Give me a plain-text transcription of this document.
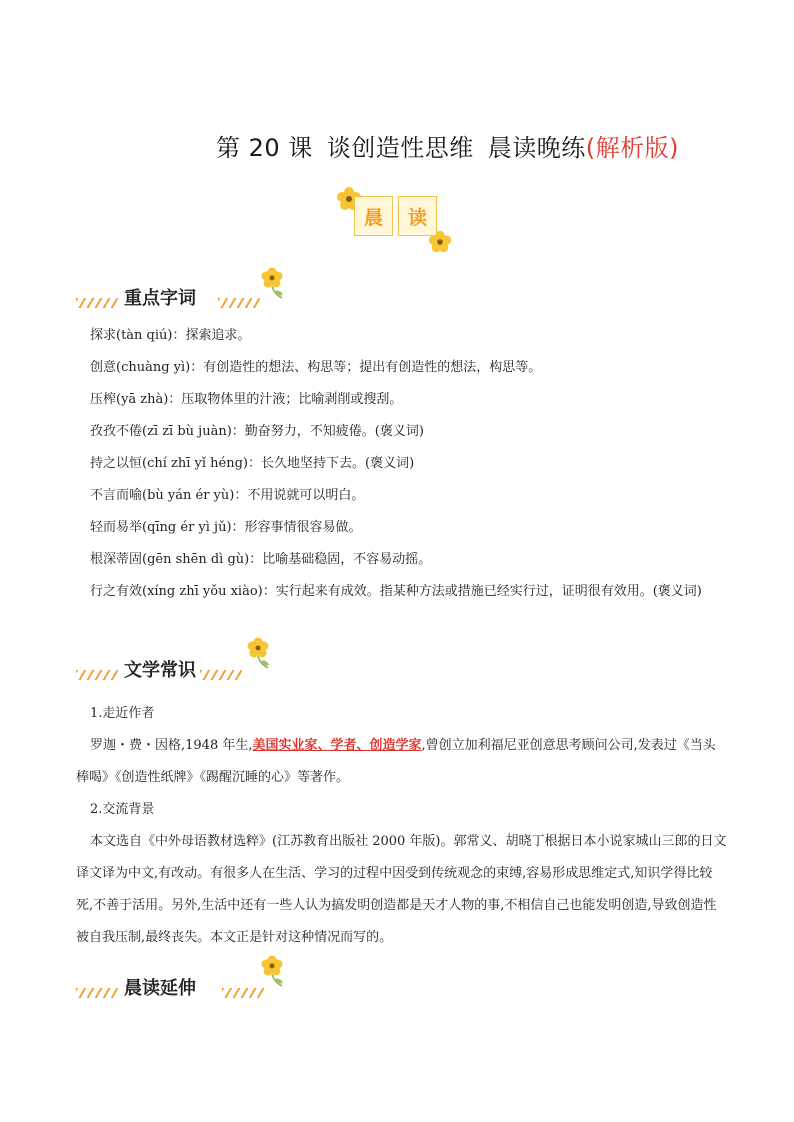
第 20 课 谈创造性思维 晨读晚练(解析版)
晨	读
重点字词

探求(tàn qiú)：探索追求。

创意(chuàng yì)：有创造性的想法、构思等；提出有创造性的想法，构思等。

压榨(yā zhà)：压取物体里的汁液；比喻剥削或搜刮。

孜孜不倦(zī zī bù juàn)：勤奋努力，不知疲倦。(褒义词)

持之以恒(chí zhī yǐ héng)：长久地坚持下去。(褒义词)

不言而喻(bù yán ér yù)：不用说就可以明白。

轻而易举(qīng ér yì jǔ)：形容事情很容易做。

根深蒂固(gēn shēn dì gù)：比喻基础稳固，不容易动摇。

行之有效(xíng zhī yǒu xiào)：实行起来有成效。指某种方法或措施已经实行过，证明很有效用。(褒义词)

文学常识

1.走近作者

罗迦・费・因格,1948 年生,美国实业家、学者、创造学家,曾创立加利福尼亚创意思考顾问公司,发表过《当头棒喝》《创造性纸牌》《踢醒沉睡的心》等著作。

2.交流背景

本文选自《中外母语教材选粹》(江苏教育出版社 2000 年版)。郭常义、胡晓丁根据日本小说家城山三郎的日文译文译为中文,有改动。有很多人在生活、学习的过程中因受到传统观念的束缚,容易形成思维定式,知识学得比较死,不善于活用。另外,生活中还有一些人认为搞发明创造都是天才人物的事,不相信自己也能发明创造,导致创造性被自我压制,最终丧失。本文正是针对这种情况而写的。

晨读延伸
